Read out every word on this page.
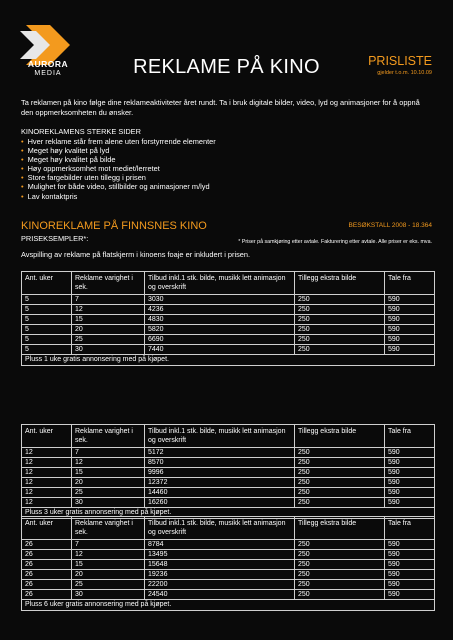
AURORA
MEDIA	REKLAME PÅ KINO	PRISLISTE
gjelder t.o.m. 10.10.09
Ta reklamen på kino følge dine reklameaktiviteter året rundt. Ta i bruk digitale bilder, video, lyd og animasjoner for å oppnå den oppmerksomheten du ønsker.
KINOREKLAMENS STERKE SIDER
• Hver reklame står frem alene uten forstyrrende elementer
• Meget høy kvalitet på lyd
• Meget høy kvalitet på bilde
• Høy oppmerksomhet mot mediet/lerretet
• Store fargebilder uten tillegg i prisen
• Mulighet for både video, stillbilder og animasjoner m/lyd
• Lav kontaktpris
KINOREKLAME PÅ FINNSNES KINO	BESØKSTALL 2008 - 18.364
PRISEKSEMPLER*:	* Priser på samkjøring etter avtale. Fakturering etter avtale. Alle priser er eks. mva.
Avspilling av reklame på flatskjerm i kinoens foaje er inkludert i prisen.
Ant. uker	Reklame varighet i sek.	Tilbud inkl.1 stk. bilde, musikk lett animasjon og overskrift	Tillegg ekstra bilde	Tale fra
5	7	3030	250	590
5	12	4236	250	590
5	15	4830	250	590
5	20	5820	250	590
5	25	6690	250	590
5	30	7440	250	590
Pluss 1 uke gratis annonsering med på kjøpet.				
Ant. uker	Reklame varighet i sek.	Tilbud inkl.1 stk. bilde, musikk lett animasjon og overskrift	Tillegg ekstra bilde	Tale fra
12	7	5172	250	590
12	12	8570	250	590
12	15	9996	250	590
12	20	12372	250	590
12	25	14460	250	590
12	30	16260	250	590
Pluss 3 uker gratis annonsering med på kjøpet.				
Ant. uker	Reklame varighet i sek.	Tilbud inkl.1 stk. bilde, musikk lett animasjon og overskrift	Tillegg ekstra bilde	Tale fra
26	7	8784	250	590
26	12	13495	250	590
26	15	15648	250	590
26	20	19236	250	590
26	25	22200	250	590
26	30	24540	250	590
Pluss 6 uker gratis annonsering med på kjøpet.				
